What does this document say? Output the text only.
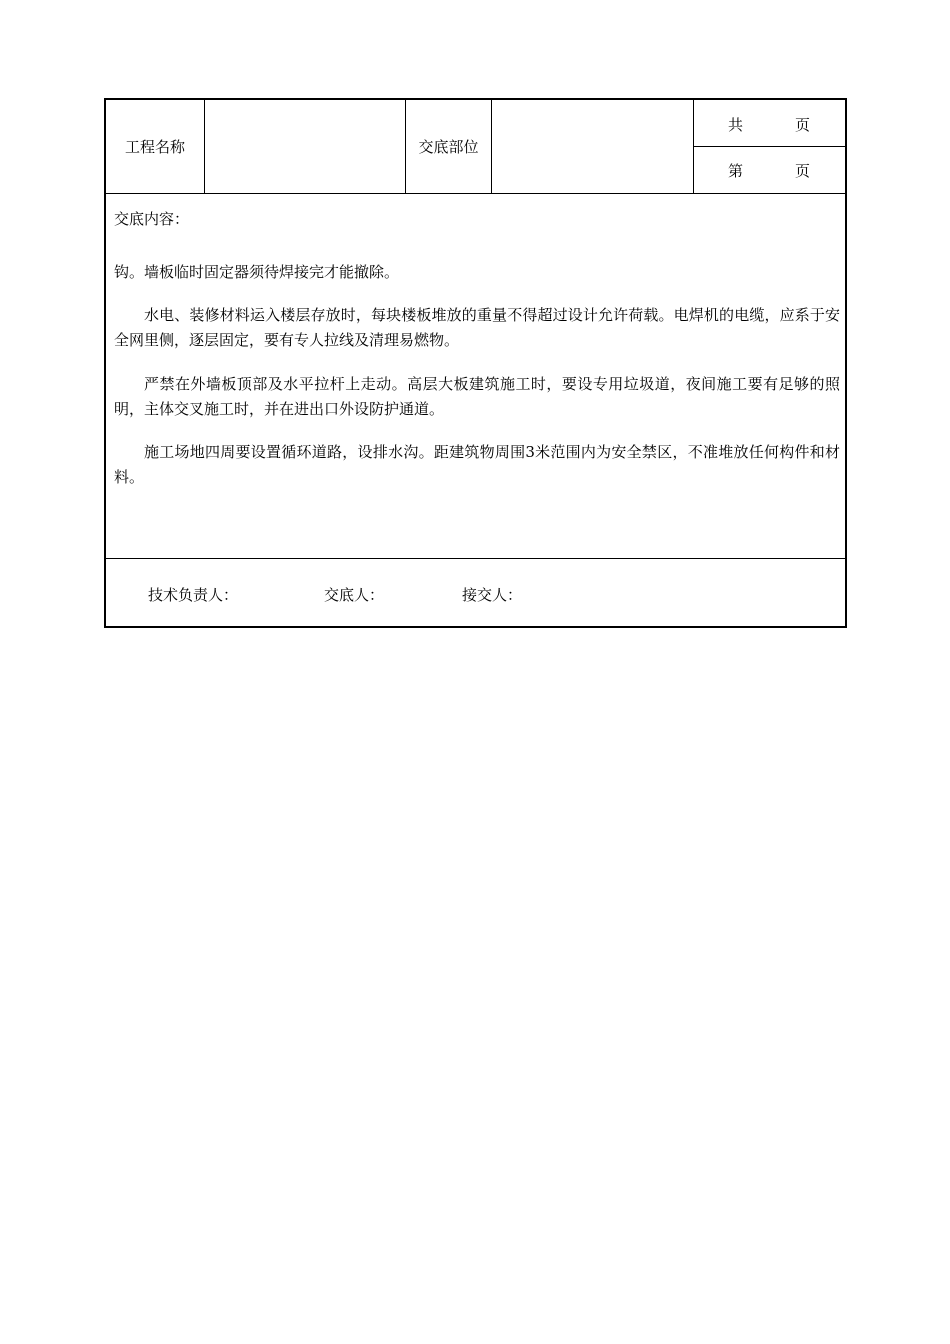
工程名称	交底部位
共	页
第	页
交底内容：

钩。墙板临时固定器须待焊接完才能撤除。

水电、装修材料运入楼层存放时，每块楼板堆放的重量不得超过设计允许荷载。电焊机的电缆，应系于安全网里侧，逐层固定，要有专人拉线及清理易燃物。

严禁在外墙板顶部及水平拉杆上走动。高层大板建筑施工时，要设专用垃圾道，夜间施工要有足够的照明，主体交叉施工时，并在进出口外设防护通道。

施工场地四周要设置循环道路，设排水沟。距建筑物周围3米范围内为安全禁区，不准堆放任何构件和材料。

技术负责人：	交底人：	接交人：
